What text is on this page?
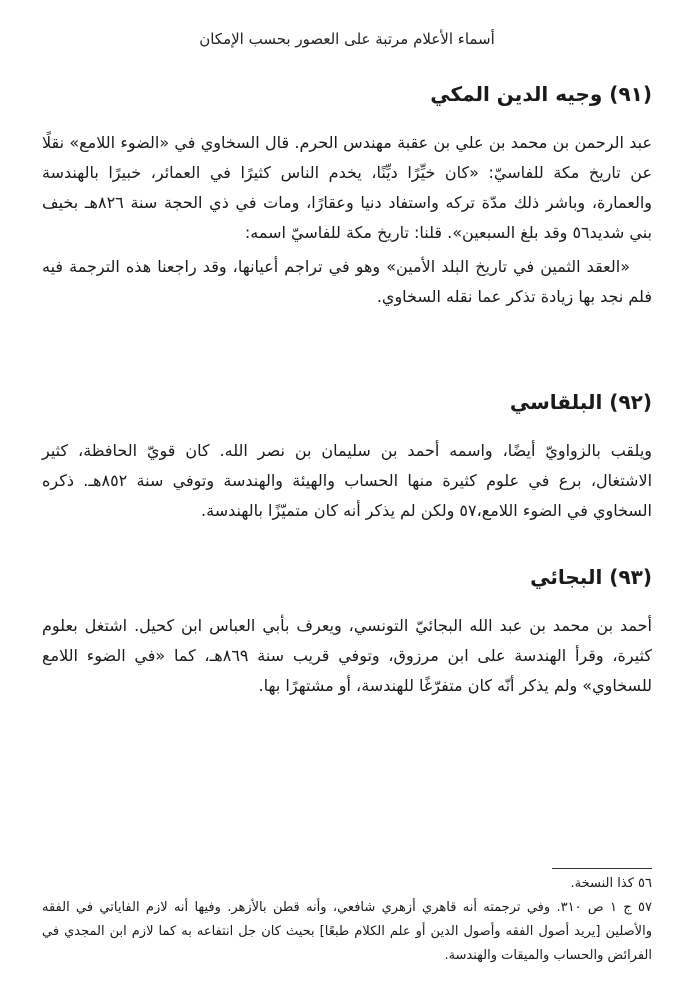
أسماء الأعلام مرتبة على العصور بحسب الإمكان
(٩١) وجيه الدين المكي

عبد الرحمن بن محمد بن علي بن عقبة مهندس الحرم. قال السخاوي في «الضوء اللامع» نقلًا عن تاريخ مكة للفاسيّ: «كان خيِّرًا ديِّنًا، يخدم الناس كثيرًا في العمائر، خبيرًا بالهندسة والعمارة، وباشر ذلك مدّة تركه واستفاد دنيا وعقارًا، ومات في ذي الحجة سنة ٨٢٦هـ بخيف بني شديد٥٦ وقد بلغ السبعين». قلنا: تاريخ مكة للفاسيّ اسمه:

«العقد الثمين في تاريخ البلد الأمين» وهو في تراجم أعيانها، وقد راجعنا هذه الترجمة فيه فلم نجد بها زيادة تذكر عما نقله السخاوي.

(٩٢) البلقاسي

ويلقب بالزواويّ أيضًا، واسمه أحمد بن سليمان بن نصر الله. كان قويّ الحافظة، كثير الاشتغال، برع في علوم كثيرة منها الحساب والهيئة والهندسة وتوفي سنة ٨٥٢هـ. ذكره السخاوي في الضوء اللامع،٥٧ ولكن لم يذكر أنه كان متميّزًا بالهندسة.

(٩٣) البجائي

أحمد بن محمد بن عبد الله البجائيّ التونسي، ويعرف بأبي العباس ابن كحيل. اشتغل بعلوم كثيرة، وقرأ الهندسة على ابن مرزوق، وتوفي قريب سنة ٨٦٩هـ، كما «في الضوء اللامع للسخاوي» ولم يذكر أنّه كان متفرّغًا للهندسة، أو مشتهرًا بها.

٥٦ كذا النسخة.

٥٧ ج ١ ص ٣١٠. وفي ترجمته أنه قاهري أزهري شافعي، وأنه قطن بالأزهر. وفيها أنه لازم الفاياتي في الفقه والأصلين [يريد أصول الفقه وأصول الدين أو علم الكلام طبعًا] بحيث كان جل انتفاعه به كما لازم ابن المجدي في الفرائض والحساب والميقات والهندسة.
